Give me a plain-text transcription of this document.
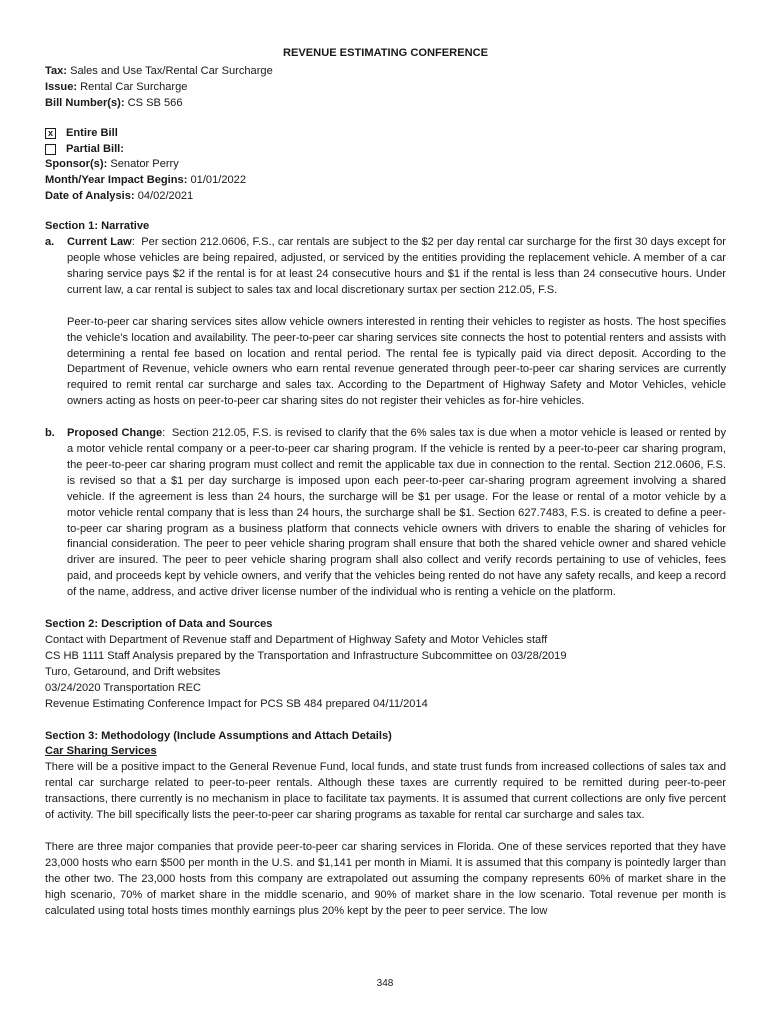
REVENUE ESTIMATING CONFERENCE
Tax: Sales and Use Tax/Rental Car Surcharge
Issue: Rental Car Surcharge
Bill Number(s): CS SB 566
x Entire Bill
Partial Bill :
Sponsor(s): Senator Perry
Month/Year Impact Begins: 01/01/2022
Date of Analysis: 04/02/2021
Section 1: Narrative
a.	Current Law:  Per section 212.0606, F.S., car rentals are subject to the $2 per day rental car surcharge for the first 30 days except for people whose vehicles are being repaired, adjusted, or serviced by the entities providing the replacement vehicle. A member of a car sharing service pays $2 if the rental is for at least 24 consecutive hours and $1 if the rental is less than 24 consecutive hours. Under current law, a car rental is subject to sales tax and local discretionary surtax per section 212.05, F.S.
Peer-to-peer car sharing services sites allow vehicle owners interested in renting their vehicles to register as hosts. The host specifies the vehicle’s location and availability. The peer-to-peer car sharing services site connects the host to potential renters and assists with determining a rental fee based on location and rental period. The rental fee is typically paid via direct deposit. According to the Department of Revenue, vehicle owners who earn rental revenue generated through peer-to-peer car sharing services are currently required to remit rental car surcharge and sales tax. According to the Department of Highway Safety and Motor Vehicles, vehicle owners acting as hosts on peer-to-peer car sharing sites do not register their vehicles as for-hire vehicles.
b.	Proposed Change:  Section 212.05, F.S. is revised to clarify that the 6% sales tax is due when a motor vehicle is leased or rented by a motor vehicle rental company or a peer-to-peer car sharing program. If the vehicle is rented by a peer-to-peer car sharing program, the peer-to-peer car sharing program must collect and remit the applicable tax due in connection to the rental. Section 212.0606, F.S. is revised so that a $1 per day surcharge is imposed upon each peer-to-peer car-sharing program agreement involving a shared vehicle. If the agreement is less than 24 hours, the surcharge will be $1 per usage. For the lease or rental of a motor vehicle by a motor vehicle rental company that is less than 24 hours, the surcharge shall be $1. Section 627.7483, F.S. is created to define a peer-to-peer car sharing program as a business platform that connects vehicle owners with drivers to enable the sharing of vehicles for financial consideration. The peer to peer vehicle sharing program shall ensure that both the shared vehicle owner and shared vehicle driver are insured. The peer to peer vehicle sharing program shall also collect and verify records pertaining to use of vehicles, fees paid, and proceeds kept by vehicle owners, and verify that the vehicles being rented do not have any safety recalls, and keep a record of the name, address, and active driver license number of the individual who is renting a vehicle on the platform.
Section 2: Description of Data and Sources
Contact with Department of Revenue staff and Department of Highway Safety and Motor Vehicles staff
CS HB 1111 Staff Analysis prepared by the Transportation and Infrastructure Subcommittee on 03/28/2019
Turo, Getaround, and Drift websites
03/24/2020 Transportation REC
Revenue Estimating Conference Impact for PCS SB 484 prepared 04/11/2014
Section 3: Methodology (Include Assumptions and Attach Details)
Car Sharing Services
There will be a positive impact to the General Revenue Fund, local funds, and state trust funds from increased collections of sales tax and rental car surcharge related to peer-to-peer rentals. Although these taxes are currently required to be remitted during peer-to-peer transactions, there currently is no mechanism in place to facilitate tax payments. It is assumed that current collections are only five percent of activity. The bill specifically lists the peer-to-peer car sharing programs as taxable for rental car surcharge and sales tax.
There are three major companies that provide peer-to-peer car sharing services in Florida. One of these services reported that they have 23,000 hosts who earn $500 per month in the U.S. and $1,141 per month in Miami. It is assumed that this company is pointedly larger than the other two. The 23,000 hosts from this company are extrapolated out assuming the company represents 60% of market share in the high scenario, 70% of market share in the middle scenario, and 90% of market share in the low scenario. Total revenue per month is calculated using total hosts times monthly earnings plus 20% kept by the peer to peer service. The low
348
